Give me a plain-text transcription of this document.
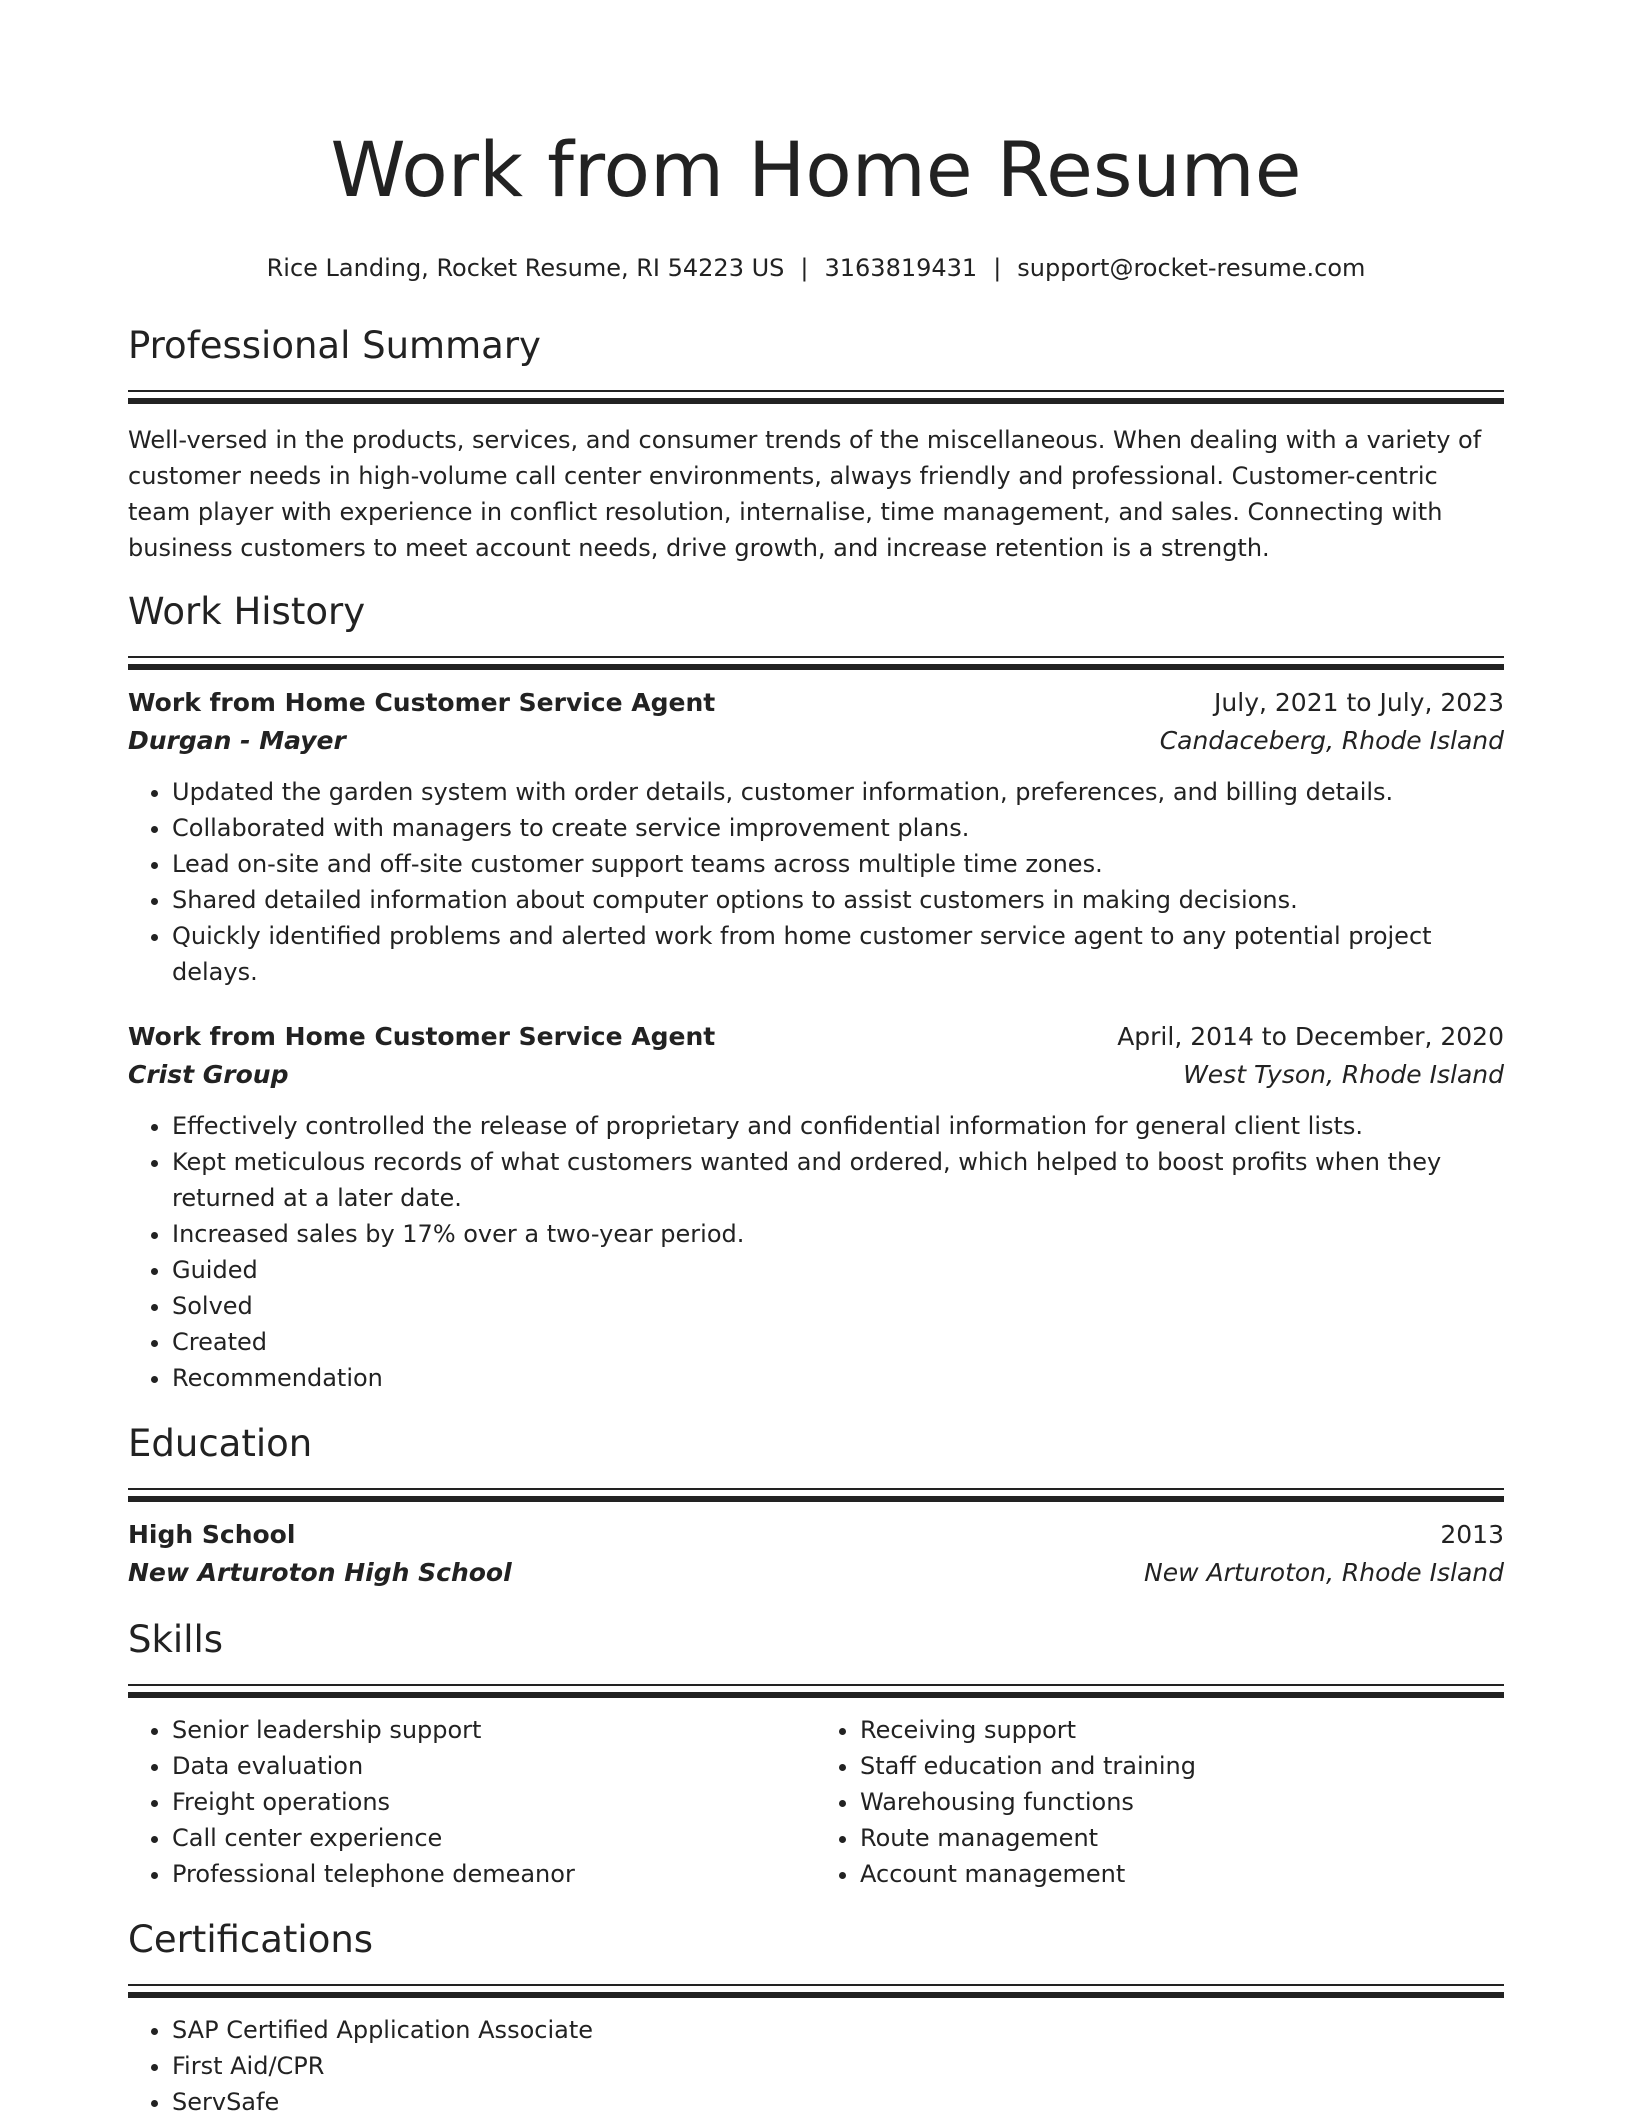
Work from Home Resume
Rice Landing, Rocket Resume, RI 54223 US | 3163819431 | support@rocket-resume.com
Professional Summary
Well-versed in the products, services, and consumer trends of the miscellaneous. When dealing with a variety of customer needs in high-volume call center environments, always friendly and professional. Customer-centric team player with experience in conflict resolution, internalise, time management, and sales. Connecting with business customers to meet account needs, drive growth, and increase retention is a strength.
Work History
Work from Home Customer Service Agent	July, 2021 to July, 2023
Durgan - Mayer	Candaceberg, Rhode Island
• Updated the garden system with order details, customer information, preferences, and billing details.
• Collaborated with managers to create service improvement plans.
• Lead on-site and off-site customer support teams across multiple time zones.
• Shared detailed information about computer options to assist customers in making decisions.
• Quickly identified problems and alerted work from home customer service agent to any potential project delays.
Work from Home Customer Service Agent	April, 2014 to December, 2020
Crist Group	West Tyson, Rhode Island
• Effectively controlled the release of proprietary and confidential information for general client lists.
• Kept meticulous records of what customers wanted and ordered, which helped to boost profits when they returned at a later date.
• Increased sales by 17% over a two-year period.
• Guided
• Solved
• Created
• Recommendation
Education
High School	2013
New Arturoton High School	New Arturoton, Rhode Island
Skills
• Senior leadership support
• Data evaluation
• Freight operations
• Call center experience
• Professional telephone demeanor
• Receiving support
• Staff education and training
• Warehousing functions
• Route management
• Account management
Certifications
• SAP Certified Application Associate
• First Aid/CPR
• ServSafe
